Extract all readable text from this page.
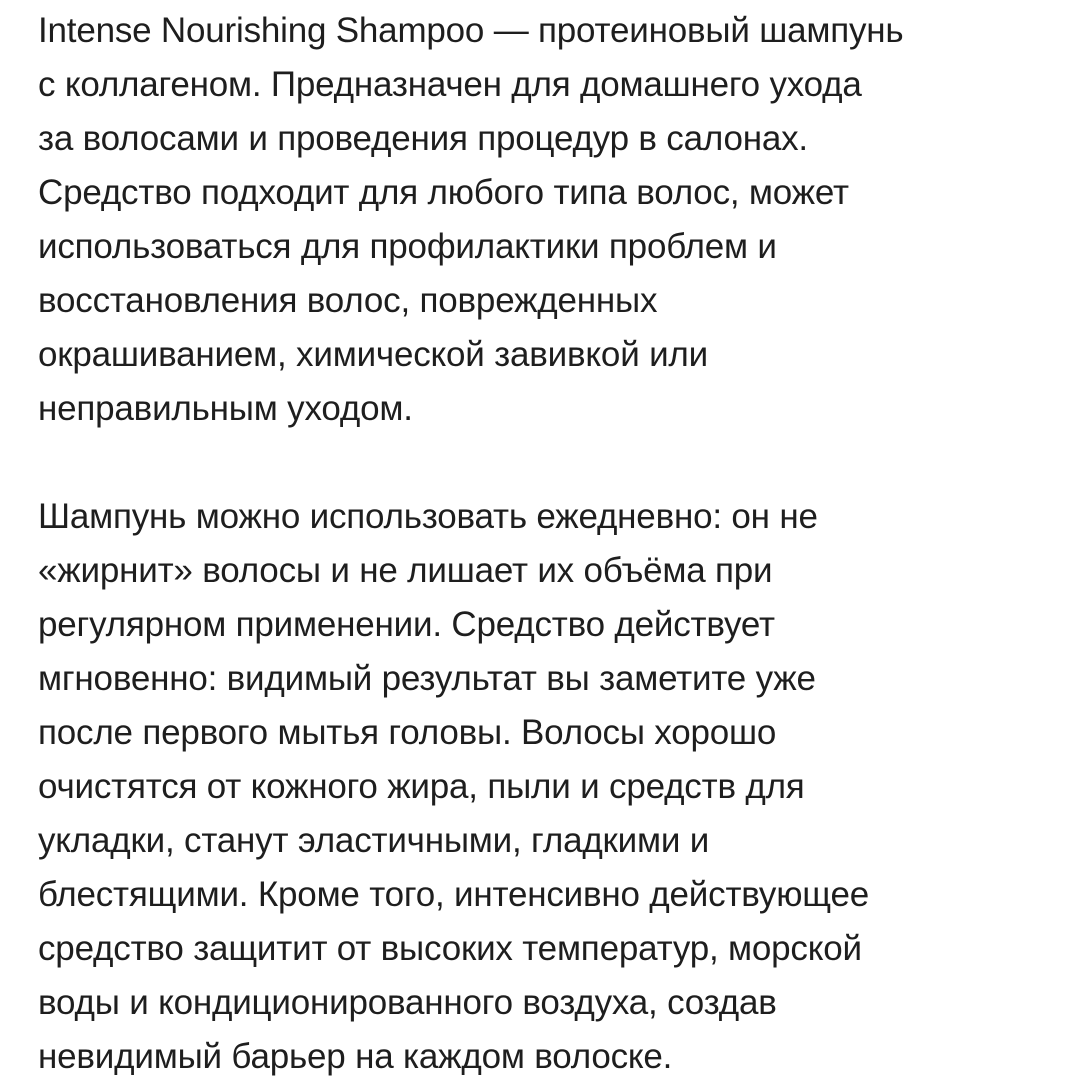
Intense Nourishing Shampoo — протеиновый шампунь
с коллагеном. Предназначен для домашнего ухода
за волосами и проведения процедур в салонах.
Средство подходит для любого типа волос, может
использоваться для профилактики проблем и
восстановления волос, поврежденных
окрашиванием, химической завивкой или
неправильным уходом.
Шампунь можно использовать ежедневно: он не
«жирнит» волосы и не лишает их объёма при
регулярном применении. Средство действует
мгновенно: видимый результат вы заметите уже
после первого мытья головы. Волосы хорошо
очистятся от кожного жира, пыли и средств для
укладки, станут эластичными, гладкими и
блестящими. Кроме того, интенсивно действующее
средство защитит от высоких температур, морской
воды и кондиционированного воздуха, создав
невидимый барьер на каждом волоске.
